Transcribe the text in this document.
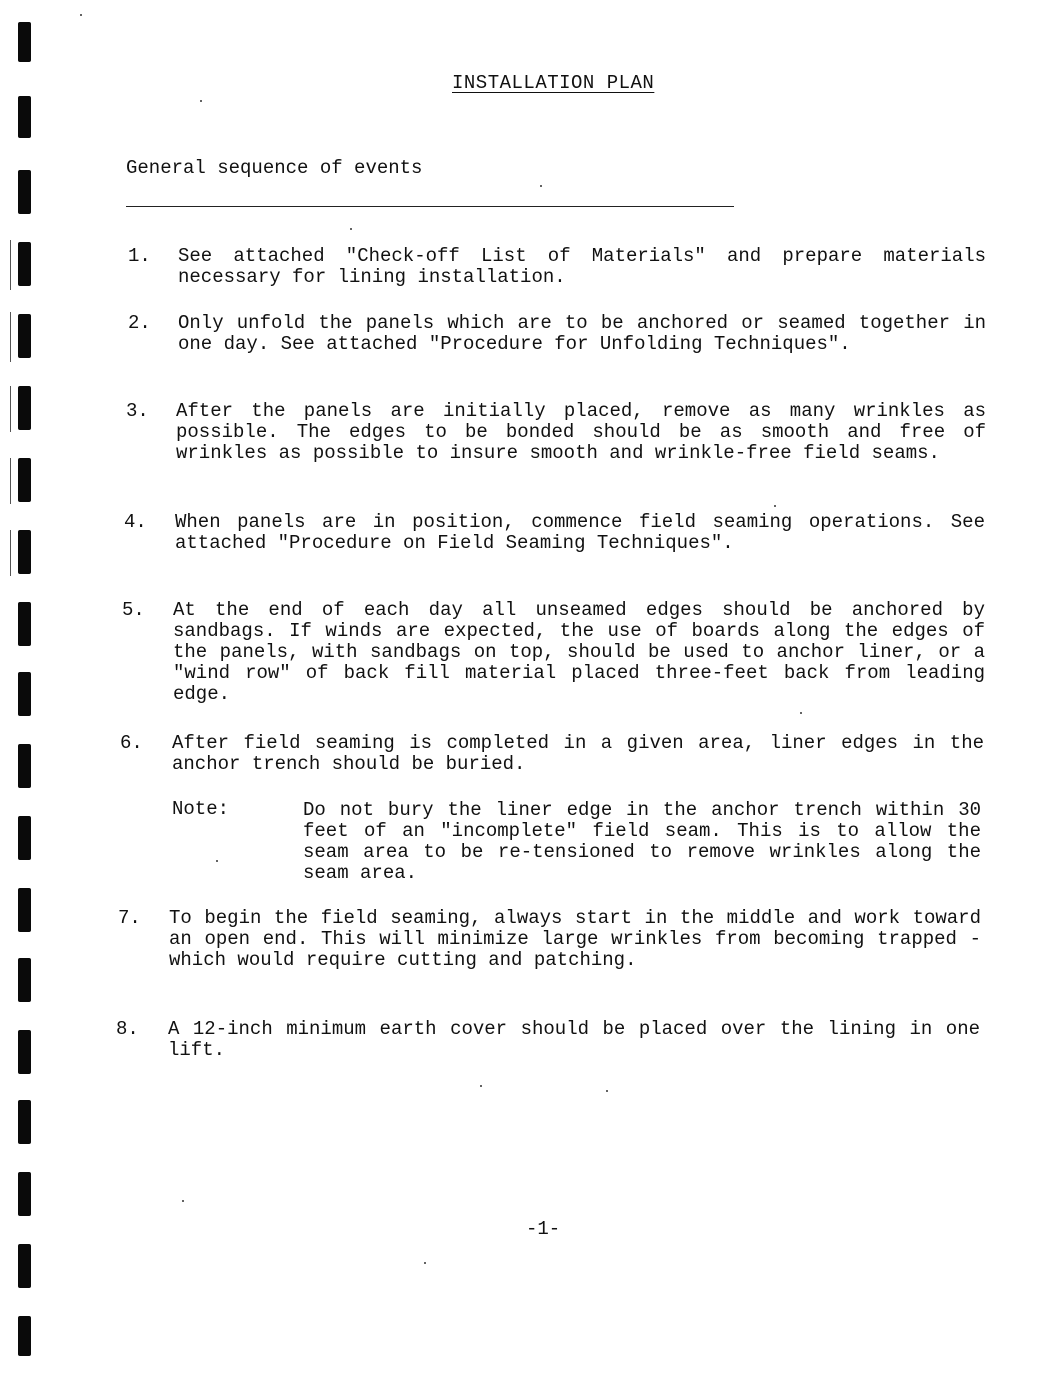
INSTALLATION PLAN
General sequence of events
1. See attached "Check-off List of Materials" and prepare materials necessary for lining installation.
2. Only unfold the panels which are to be anchored or seamed together in one day. See attached "Procedure for Unfolding Techniques".
3. After the panels are initially placed, remove as many wrinkles as possible. The edges to be bonded should be as smooth and free of wrinkles as possible to insure smooth and wrinkle-free field seams.
4. When panels are in position, commence field seaming operations. See attached "Procedure on Field Seaming Techniques".
5. At the end of each day all unseamed edges should be anchored by sandbags. If winds are expected, the use of boards along the edges of the panels, with sandbags on top, should be used to anchor liner, or a "wind row" of back fill material placed three-feet back from leading edge.
6. After field seaming is completed in a given area, liner edges in the anchor trench should be buried.
Note:	Do not bury the liner edge in the anchor trench within 30 feet of an "incomplete" field seam. This is to allow the seam area to be re-tensioned to remove wrinkles along the seam area.
7. To begin the field seaming, always start in the middle and work toward an open end. This will minimize large wrinkles from becoming trapped - which would require cutting and patching.
8. A 12-inch minimum earth cover should be placed over the lining in one lift.
-1-
